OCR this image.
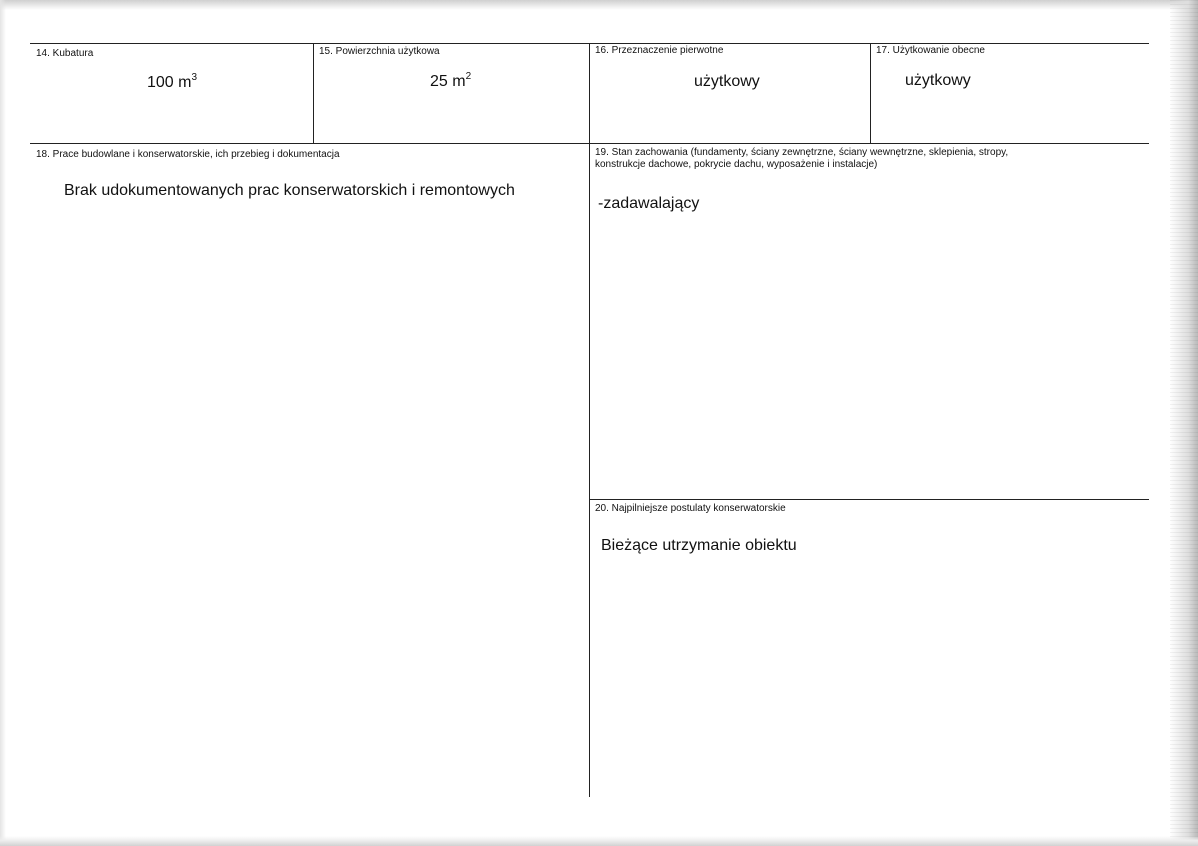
14. Kubatura
100 $m^3$
15. Powierzchnia użytkowa
25 $m^2$
16. Przeznaczenie pierwotne
użytkowy
17. Użytkowanie obecne
użytkowy
18. Prace budowlane i konserwatorskie, ich przebieg i dokumentacja
Brak udokumentowanych prac konserwatorskich i remontowych
19. Stan zachowania (fundamenty, ściany zewnętrzne, ściany wewnętrzne, sklepienia, stropy,
konstrukcje dachowe, pokrycie dachu, wyposażenie i instalacje)
-zadawalający
20. Najpilniejsze postulaty konserwatorskie
Bieżące utrzymanie obiektu
